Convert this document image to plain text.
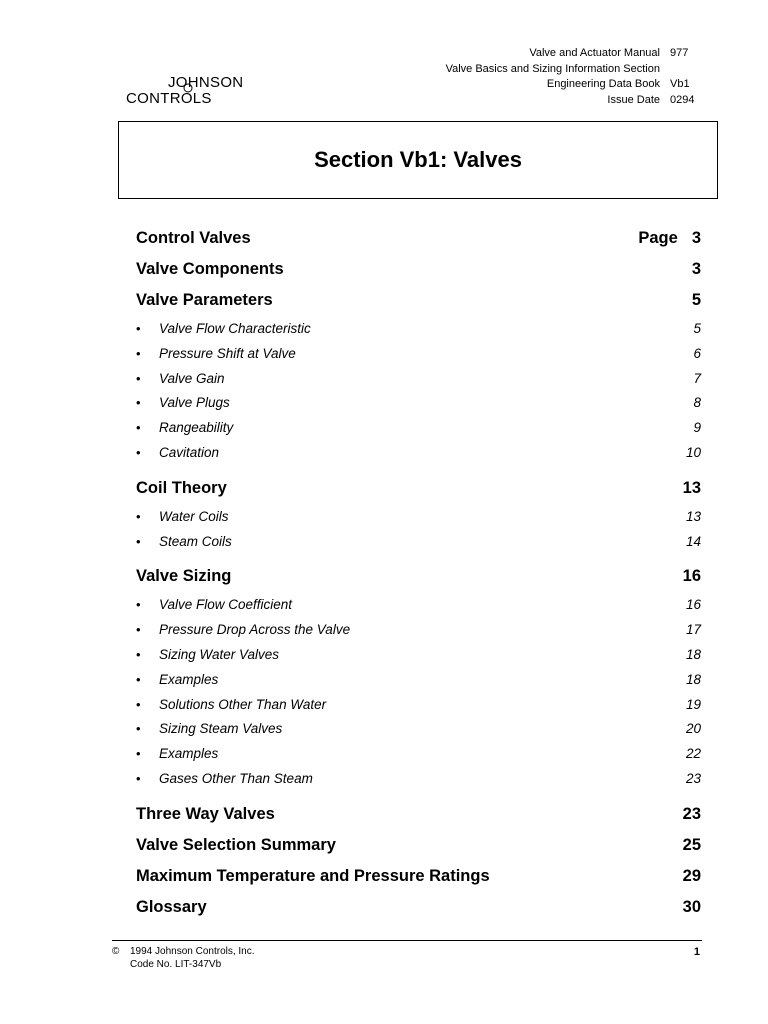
JOHNSON
CONTROLS
Valve and Actuator Manual 977
Valve Basics and Sizing Information Section
Engineering Data Book Vb1
Issue Date 0294
Section Vb1: Valves
Control Valves	Page 3
Valve Components	3
Valve Parameters	5
•	Valve Flow Characteristic	5
•	Pressure Shift at Valve	6
•	Valve Gain	7
•	Valve Plugs	8
•	Rangeability	9
•	Cavitation	10
Coil Theory	13
•	Water Coils	13
•	Steam Coils	14
Valve Sizing	16
•	Valve Flow Coefficient	16
•	Pressure Drop Across the Valve	17
•	Sizing Water Valves	18
•	Examples	18
•	Solutions Other Than Water	19
•	Sizing Steam Valves	20
•	Examples	22
•	Gases Other Than Steam	23
Three Way Valves	23
Valve Selection Summary	25
Maximum Temperature and Pressure Ratings	29
Glossary	30
©	1994 Johnson Controls, Inc.
Code No. LIT-347Vb
1
